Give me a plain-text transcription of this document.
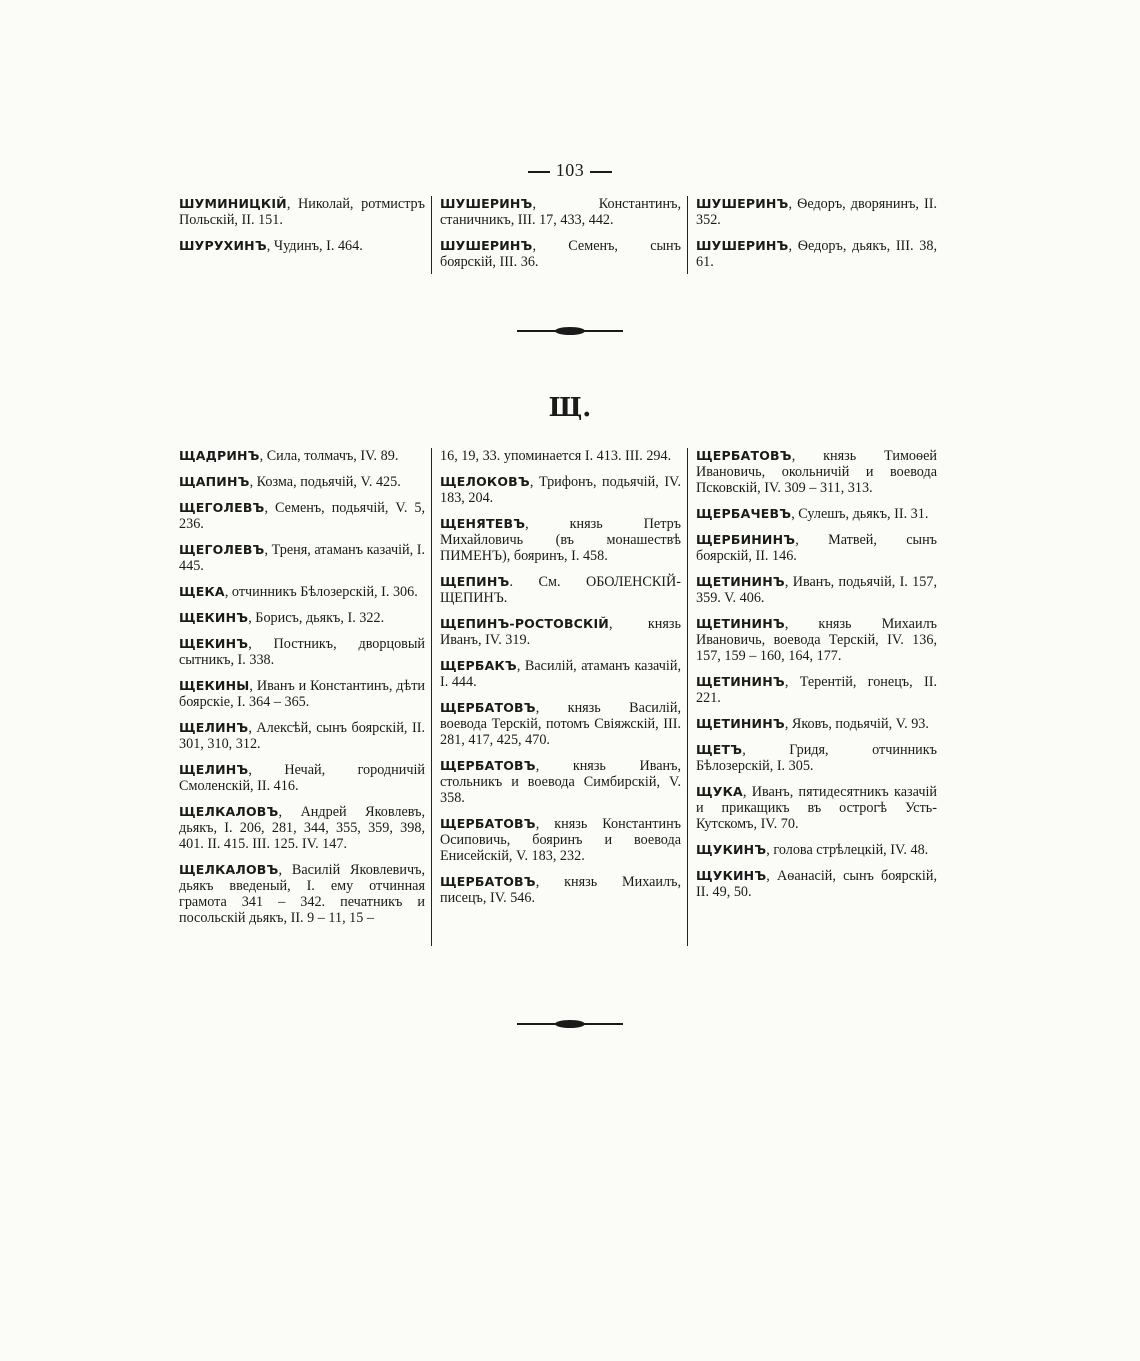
103
ШУМИНИЦКІЙ, Николай, ротмистръ Польскій, II. 151.
ШУРУХИНЪ, Чудинъ, I. 464.
ШУШЕРИНЪ, Константинъ, станичникъ, III. 17, 433, 442.
ШУШЕРИНЪ, Семенъ, сынъ боярскій, III. 36.
ШУШЕРИНЪ, Ѳедоръ, дворянинъ, II. 352.
ШУШЕРИНЪ, Ѳедоръ, дьякъ, III. 38, 61.
Щ.
ЩАДРИНЪ, Сила, толмачъ, IV. 89.
ЩАПИНЪ, Козма, подьячій, V. 425.
ЩЕГОЛЕВЪ, Семенъ, подьячій, V. 5, 236.
ЩЕГОЛЕВЪ, Треня, атаманъ казачій, I. 445.
ЩЕКА, отчинникъ Бѣлозерскій, I. 306.
ЩЕКИНЪ, Борисъ, дьякъ, I. 322.
ЩЕКИНЪ, Постникъ, дворцовый сытникъ, I. 338.
ЩЕКИНЫ, Иванъ и Константинъ, дѣти боярскіе, I. 364 – 365.
ЩЕЛИНЪ, Алексѣй, сынъ боярскій, II. 301, 310, 312.
ЩЕЛИНЪ, Нечай, городничій Смоленскій, II. 416.
ЩЕЛКАЛОВЪ, Андрей Яковлевъ, дьякъ, I. 206, 281, 344, 355, 359, 398, 401. II. 415. III. 125. IV. 147.
ЩЕЛКАЛОВЪ, Василій Яковлевичъ, дьякъ введеный, I. ему отчинная грамота 341 – 342. печатникъ и посольскій дьякъ, II. 9 – 11, 15 –
16, 19, 33. упоминается I. 413. III. 294.
ЩЕЛОКОВЪ, Трифонъ, подьячій, IV. 183, 204.
ЩЕНЯТЕВЪ, князь Петръ Михайловичь (въ монашествѣ ПИМЕНЪ), бояринъ, I. 458.
ЩЕПИНЪ. См. ОБОЛЕНСКІЙ-ЩЕПИНЪ.
ЩЕПИНЪ-РОСТОВСКІЙ, князь Иванъ, IV. 319.
ЩЕРБАКЪ, Василій, атаманъ казачій, I. 444.
ЩЕРБАТОВЪ, князь Василій, воевода Терскій, потомъ Свіяжскій, III. 281, 417, 425, 470.
ЩЕРБАТОВЪ, князь Иванъ, стольникъ и воевода Симбирскій, V. 358.
ЩЕРБАТОВЪ, князь Константинъ Осиповичь, бояринъ и воевода Енисейскій, V. 183, 232.
ЩЕРБАТОВЪ, князь Михаилъ, писецъ, IV. 546.
ЩЕРБАТОВЪ, князь Тимоѳей Ивановичь, окольничій и воевода Псковскій, IV. 309 – 311, 313.
ЩЕРБАЧЕВЪ, Сулешъ, дьякъ, II. 31.
ЩЕРБИНИНЪ, Матвей, сынъ боярскій, II. 146.
ЩЕТИНИНЪ, Иванъ, подьячій, I. 157, 359. V. 406.
ЩЕТИНИНЪ, князь Михаилъ Ивановичь, воевода Терскій, IV. 136, 157, 159 – 160, 164, 177.
ЩЕТИНИНЪ, Терентій, гонецъ, II. 221.
ЩЕТИНИНЪ, Яковъ, подьячій, V. 93.
ЩЕТЪ, Гридя, отчинникъ Бѣлозерскій, I. 305.
ЩУКА, Иванъ, пятидесятникъ казачій и прикащикъ въ острогѣ Усть-Кутскомъ, IV. 70.
ЩУКИНЪ, голова стрѣлецкій, IV. 48.
ЩУКИНЪ, Аѳанасій, сынъ боярскій, II. 49, 50.
